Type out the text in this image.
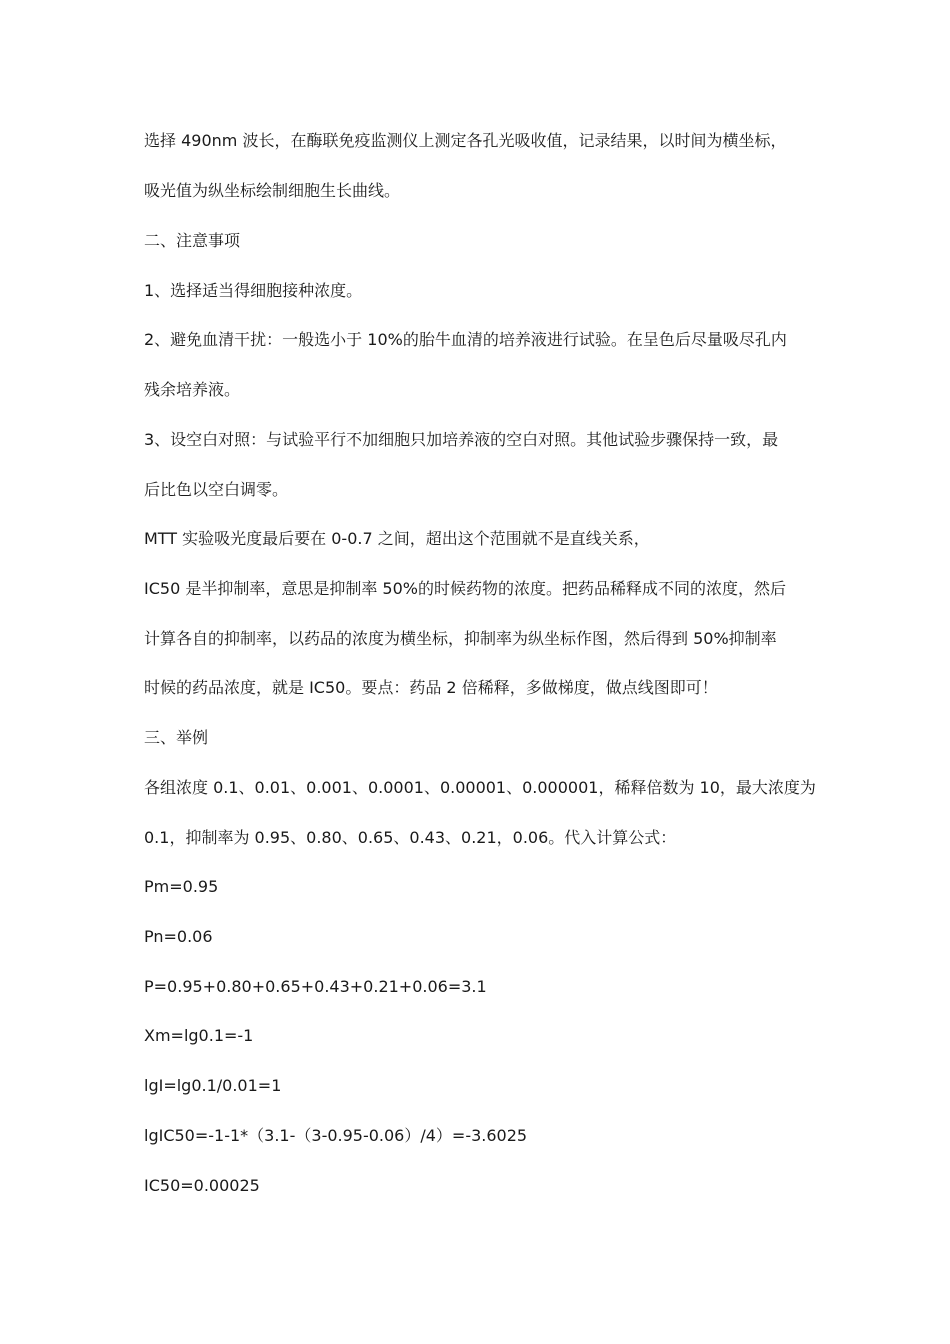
选择 490nm 波长，在酶联免疫监测仪上测定各孔光吸收值，记录结果，以时间为横坐标，
吸光值为纵坐标绘制细胞生长曲线。
二、注意事项
1、选择适当得细胞接种浓度。
2、避免血清干扰：一般选小于 10%的胎牛血清的培养液进行试验。在呈色后尽量吸尽孔内
残余培养液。
3、设空白对照：与试验平行不加细胞只加培养液的空白对照。其他试验步骤保持一致，最
后比色以空白调零。
MTT 实验吸光度最后要在 0-0.7 之间，超出这个范围就不是直线关系，
IC50 是半抑制率，意思是抑制率 50%的时候药物的浓度。把药品稀释成不同的浓度，然后
计算各自的抑制率，以药品的浓度为横坐标，抑制率为纵坐标作图，然后得到 50%抑制率
时候的药品浓度，就是 IC50。要点：药品 2 倍稀释，多做梯度，做点线图即可！
三、举例
各组浓度 0.1、0.01、0.001、0.0001、0.00001、0.000001，稀释倍数为 10，最大浓度为
0.1，抑制率为 0.95、0.80、0.65、0.43、0.21，0.06。代入计算公式：
Pm=0.95
Pn=0.06
P=0.95+0.80+0.65+0.43+0.21+0.06=3.1
Xm=lg0.1=-1
lgI=lg0.1/0.01=1
lgIC50=-1-1*（3.1-（3-0.95-0.06）/4）=-3.6025
IC50=0.00025
